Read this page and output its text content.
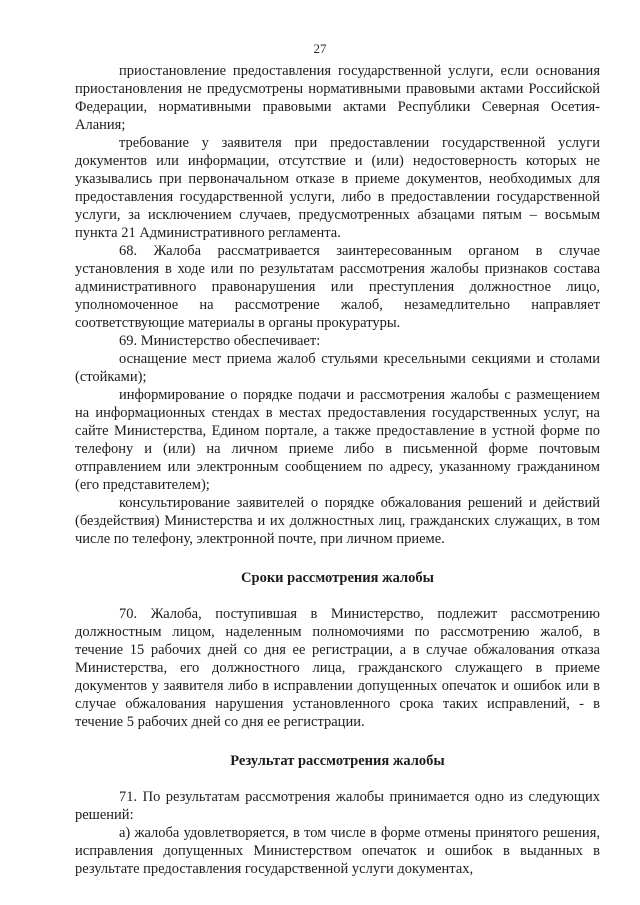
27

приостановление предоставления государственной услуги, если основания приостановления не предусмотрены нормативными правовыми актами Российской Федерации, нормативными правовыми актами Республики Северная Осетия-Алания;

требование у заявителя при предоставлении государственной услуги документов или информации, отсутствие и (или) недостоверность которых не указывались при первоначальном отказе в приеме документов, необходимых для предоставления государственной услуги, либо в предоставлении государственной услуги, за исключением случаев, предусмотренных абзацами пятым – восьмым пункта 21 Административного регламента.

68. Жалоба рассматривается заинтересованным органом в случае установления в ходе или по результатам рассмотрения жалобы признаков состава административного правонарушения или преступления должностное лицо, уполномоченное на рассмотрение жалоб, незамедлительно направляет соответствующие материалы в органы прокуратуры.

69. Министерство обеспечивает:

оснащение мест приема жалоб стульями кресельными секциями и столами (стойками);

информирование о порядке подачи и рассмотрения жалобы с размещением на информационных стендах в местах предоставления государственных услуг, на сайте Министерства, Едином портале, а также предоставление в устной форме по телефону и (или) на личном приеме либо в письменной форме почтовым отправлением или электронным сообщением по адресу, указанному гражданином (его представителем);

консультирование заявителей о порядке обжалования решений и действий (бездействия) Министерства и их должностных лиц, гражданских служащих, в том числе по телефону, электронной почте, при личном приеме.

Сроки рассмотрения жалобы

70. Жалоба, поступившая в Министерство, подлежит рассмотрению должностным лицом, наделенным полномочиями по рассмотрению жалоб, в течение 15 рабочих дней со дня ее регистрации, а в случае обжалования отказа Министерства, его должностного лица, гражданского служащего в приеме документов у заявителя либо в исправлении допущенных опечаток и ошибок или в случае обжалования нарушения установленного срока таких исправлений, - в течение 5 рабочих дней со дня ее регистрации.

Результат рассмотрения жалобы

71. По результатам рассмотрения жалобы принимается одно из следующих решений:

а) жалоба удовлетворяется, в том числе в форме отмены принятого решения, исправления допущенных Министерством опечаток и ошибок в выданных в результате предоставления государственной услуги документах,
